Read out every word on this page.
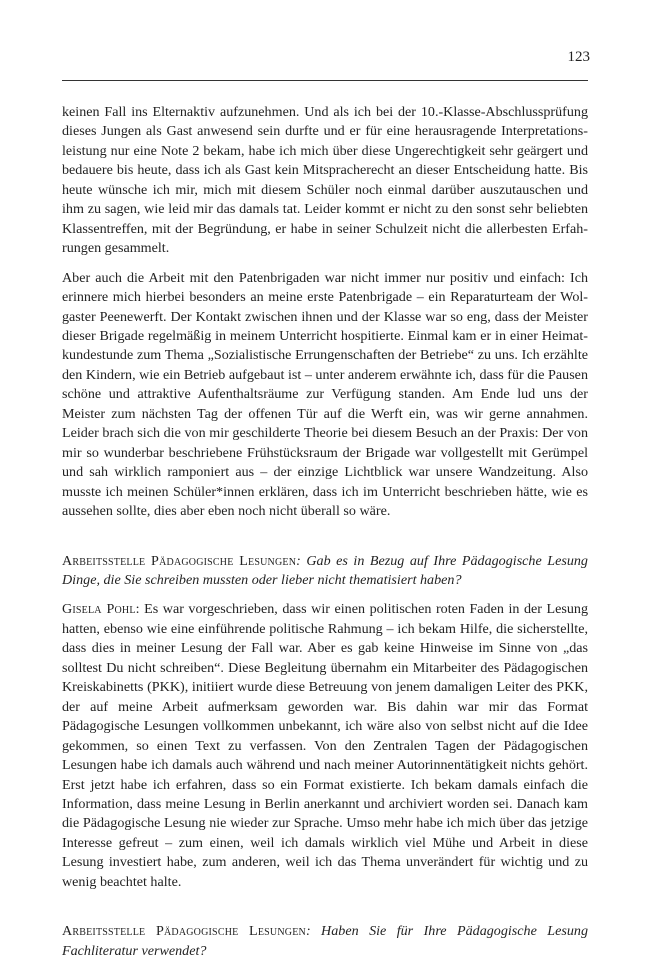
123

keinen Fall ins Elternaktiv aufzunehmen. Und als ich bei der 10.-Klasse-Abschlussprüfung dieses Jungen als Gast anwesend sein durfte und er für eine herausragende Interpretationsleistung nur eine Note 2 bekam, habe ich mich über diese Ungerechtigkeit sehr geärgert und bedauere bis heute, dass ich als Gast kein Mitspracherecht an dieser Entscheidung hatte. Bis heute wünsche ich mir, mich mit diesem Schüler noch einmal darüber auszutauschen und ihm zu sagen, wie leid mir das damals tat. Leider kommt er nicht zu den sonst sehr beliebten Klassentreffen, mit der Begründung, er habe in seiner Schulzeit nicht die allerbesten Erfahrungen gesammelt.

Aber auch die Arbeit mit den Patenbrigaden war nicht immer nur positiv und einfach: Ich erinnere mich hierbei besonders an meine erste Patenbrigade – ein Reparaturteam der Wolgaster Peenewerft. Der Kontakt zwischen ihnen und der Klasse war so eng, dass der Meister dieser Brigade regelmäßig in meinem Unterricht hospitierte. Einmal kam er in einer Heimatkundestunde zum Thema „Sozialistische Errungenschaften der Betriebe“ zu uns. Ich erzählte den Kindern, wie ein Betrieb aufgebaut ist – unter anderem erwähnte ich, dass für die Pausen schöne und attraktive Aufenthaltsräume zur Verfügung standen. Am Ende lud uns der Meister zum nächsten Tag der offenen Tür auf die Werft ein, was wir gerne annahmen. Leider brach sich die von mir geschilderte Theorie bei diesem Besuch an der Praxis: Der von mir so wunderbar beschriebene Frühstücksraum der Brigade war vollgestellt mit Gerümpel und sah wirklich ramponiert aus – der einzige Lichtblick war unsere Wandzeitung. Also musste ich meinen Schüler*innen erklären, dass ich im Unterricht beschrieben hätte, wie es aussehen sollte, dies aber eben noch nicht überall so wäre.

Arbeitsstelle Pädagogische Lesungen: Gab es in Bezug auf Ihre Pädagogische Lesung Dinge, die Sie schreiben mussten oder lieber nicht thematisiert haben?

Gisela Pohl: Es war vorgeschrieben, dass wir einen politischen roten Faden in der Lesung hatten, ebenso wie eine einführende politische Rahmung – ich bekam Hilfe, die sicherstellte, dass dies in meiner Lesung der Fall war. Aber es gab keine Hinweise im Sinne von „das solltest Du nicht schreiben“. Diese Begleitung übernahm ein Mitarbeiter des Pädagogischen Kreiskabinetts (PKK), initiiert wurde diese Betreuung von jenem damaligen Leiter des PKK, der auf meine Arbeit aufmerksam geworden war. Bis dahin war mir das Format Pädagogische Lesungen vollkommen unbekannt, ich wäre also von selbst nicht auf die Idee gekommen, so einen Text zu verfassen. Von den Zentralen Tagen der Pädagogischen Lesungen habe ich damals auch während und nach meiner Autorinnentätigkeit nichts gehört. Erst jetzt habe ich erfahren, dass so ein Format existierte. Ich bekam damals einfach die Information, dass meine Lesung in Berlin anerkannt und archiviert worden sei. Danach kam die Pädagogische Lesung nie wieder zur Sprache. Umso mehr habe ich mich über das jetzige Interesse gefreut – zum einen, weil ich damals wirklich viel Mühe und Arbeit in diese Lesung investiert habe, zum anderen, weil ich das Thema unverändert für wichtig und zu wenig beachtet halte.

Arbeitsstelle Pädagogische Lesungen: Haben Sie für Ihre Pädagogische Lesung Fachliteratur verwendet?
